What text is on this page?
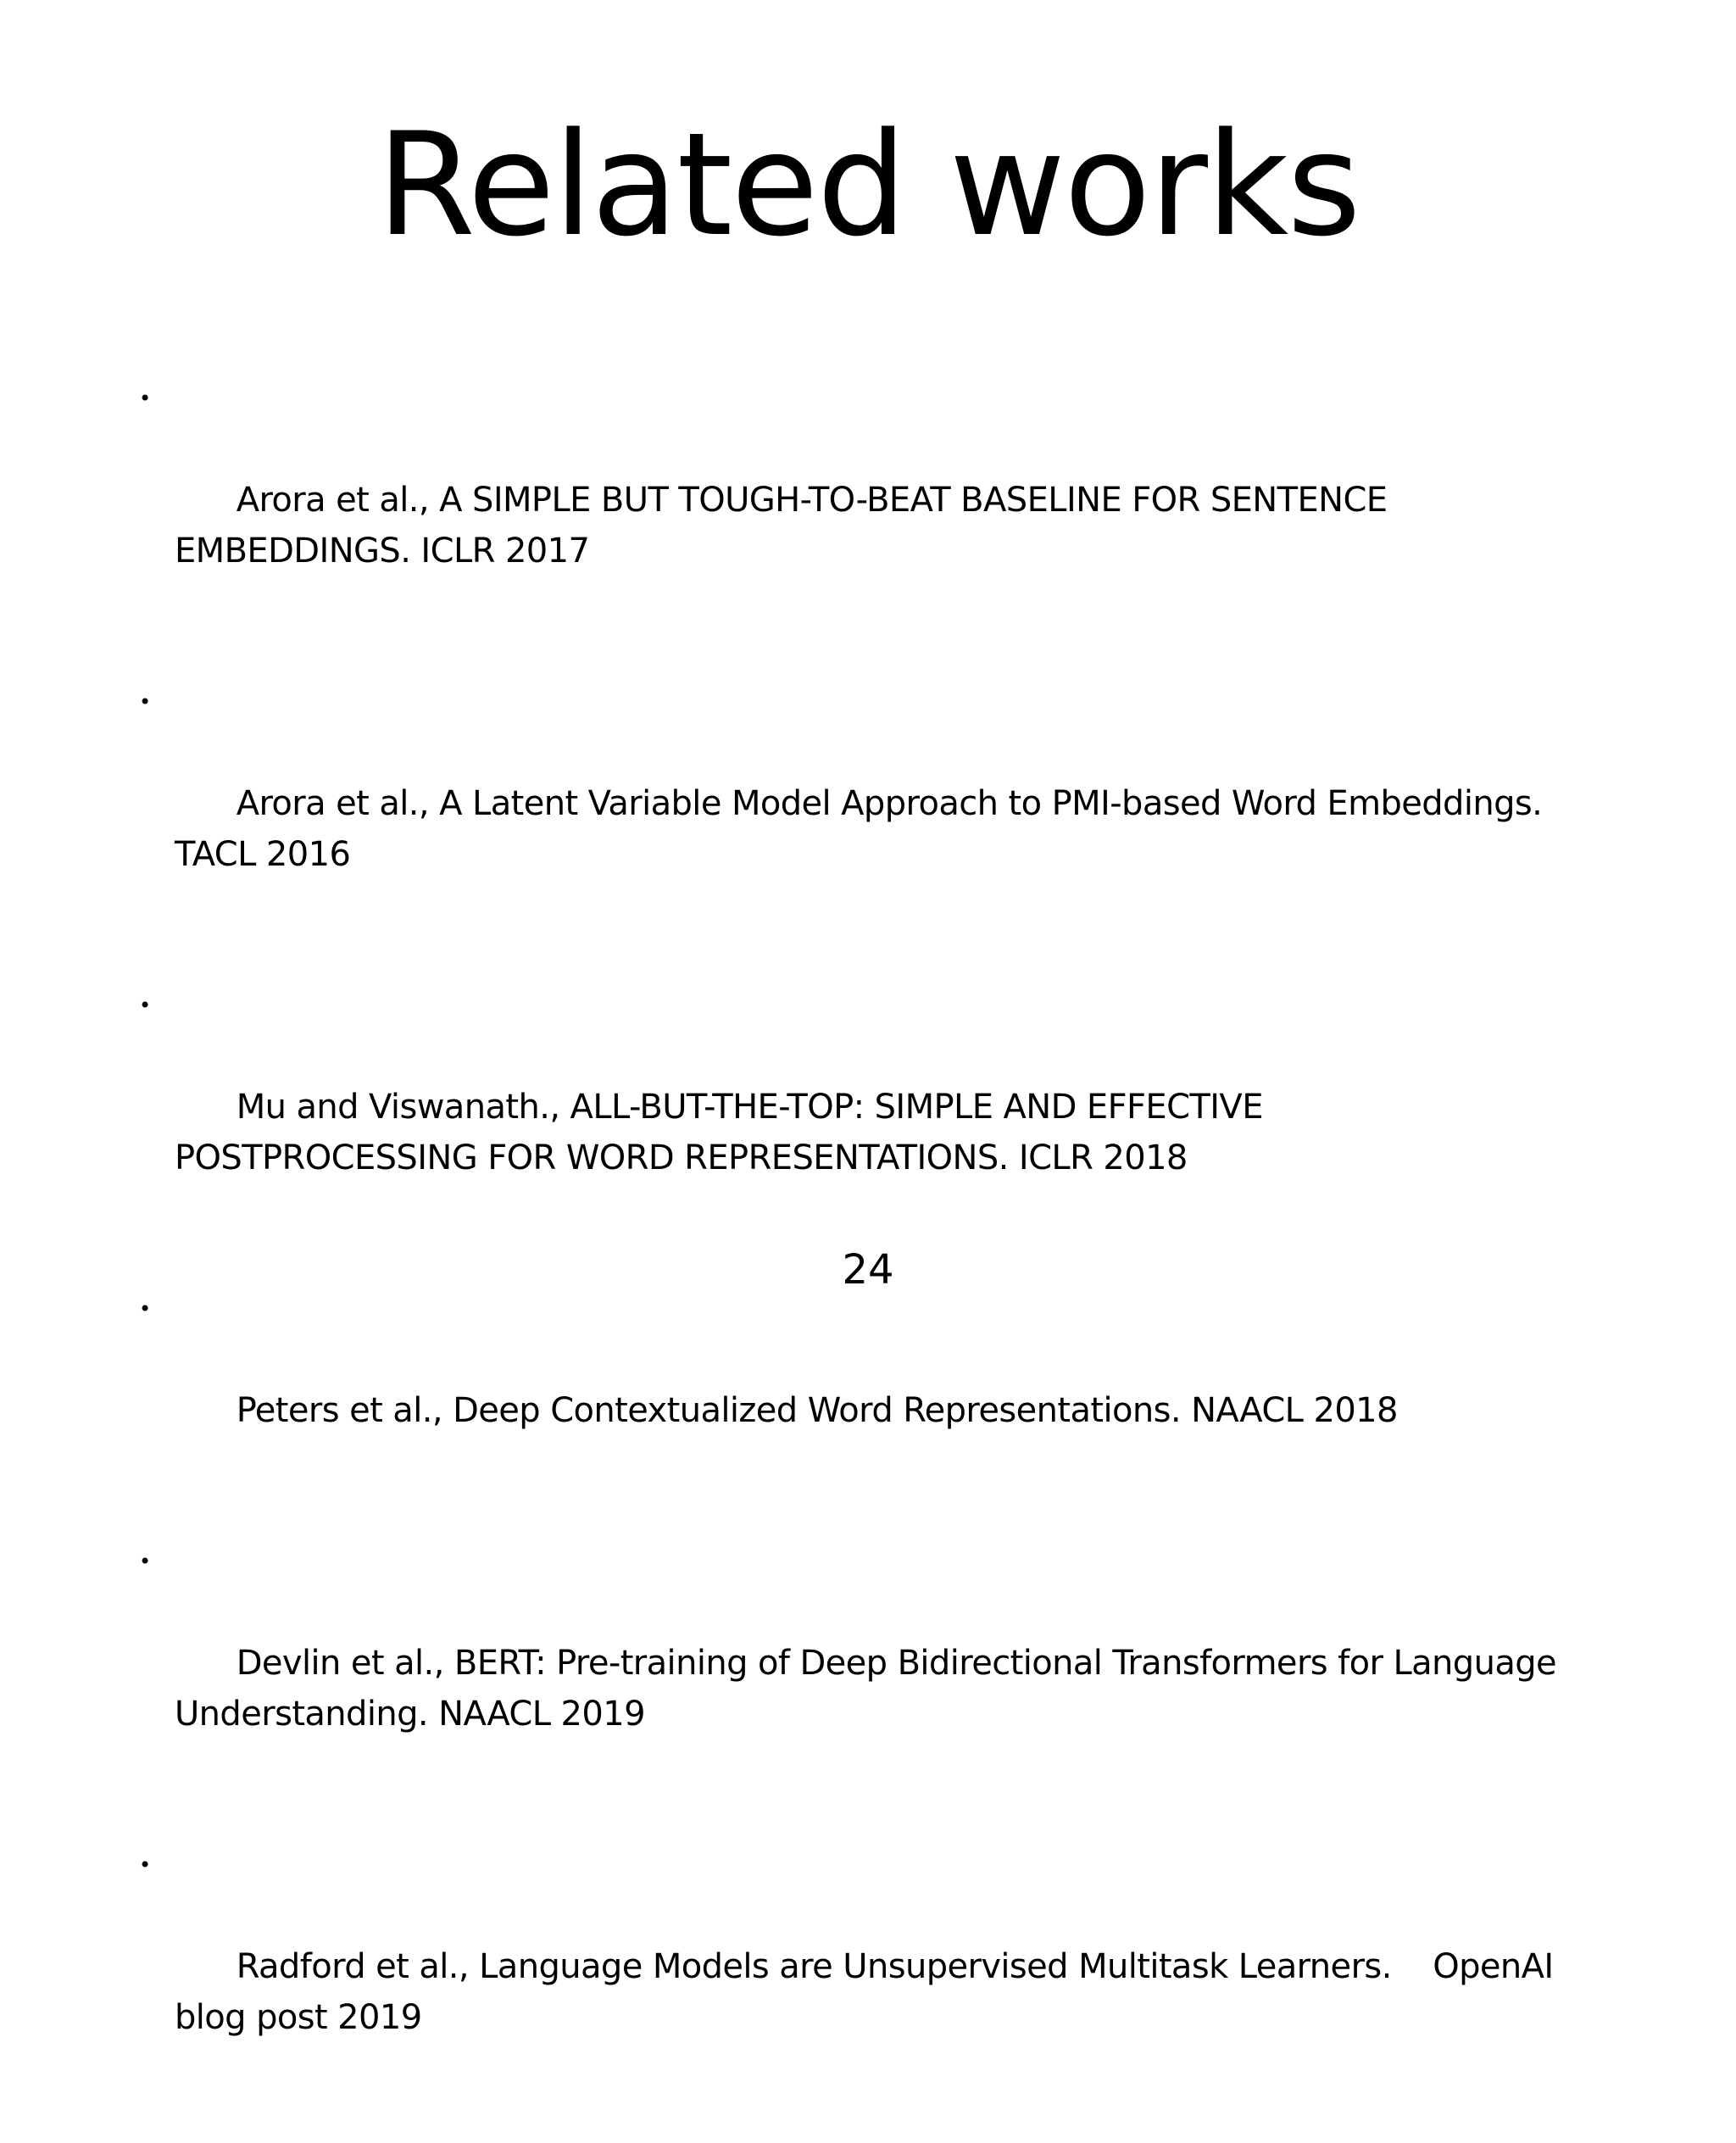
Related works

•

Arora et al., A SIMPLE BUT TOUGH-TO-BEAT BASELINE FOR SENTENCE
EMBEDDINGS. ICLR 2017

•

Arora et al., A Latent Variable Model Approach to PMI-based Word Embeddings.
TACL 2016

•

Mu and Viswanath., ALL-BUT-THE-TOP: SIMPLE AND EFFECTIVE
POSTPROCESSING FOR WORD REPRESENTATIONS. ICLR 2018

•

Peters et al., Deep Contextualized Word Representations. NAACL 2018

•

Devlin et al., BERT: Pre-training of Deep Bidirectional Transformers for Language
Understanding. NAACL 2019

•

Radford et al., Language Models are Unsupervised Multitask Learners.    OpenAI
blog post 2019

24
